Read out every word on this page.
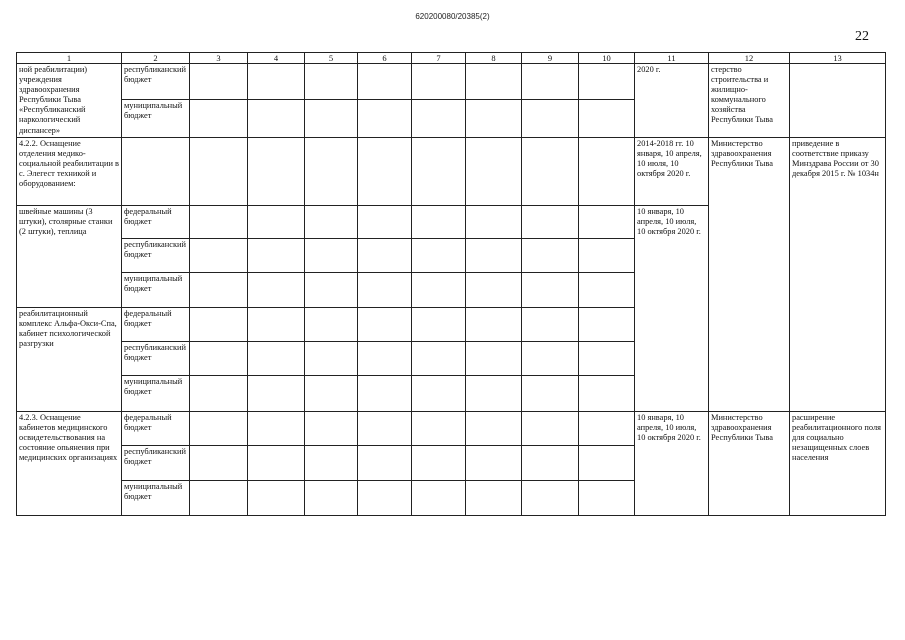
620200080/20385(2)
22
1	2	3	4	5	6	7	8	9	10	11	12	13
ной реабилитации) учреждения здравоохранения Республики Тыва «Республиканский наркологический диспансер»	республиканский бюджет									2020 г.	стерство строительства и жилищно-коммунального хозяйства Республики Тыва	
	муниципальный бюджет											
4.2.2. Оснащение отделения медико-социальной реабилитации в с. Элегест техникой и оборудованием:										2014-2018 гг. 10 января, 10 апреля, 10 июля, 10 октября 2020 г.	Министерство здравоохранения Республики Тыва	приведение в соответствие приказу Минздрава России от 30 декабря 2015 г. № 1034н
швейные машины (3 штуки), столярные станки (2 штуки), теплица	федеральный бюджет									10 января, 10 апреля, 10 июля, 10 октября 2020 г.		
	республиканский бюджет											
	муниципальный бюджет											
реабилитационный комплекс Альфа-Окси-Спа, кабинет психологической разгрузки	федеральный бюджет											
	республиканский бюджет											
	муниципальный бюджет											
4.2.3. Оснащение кабинетов медицинского освидетельствования на состояние опьянения при медицинских организациях	федеральный бюджет									10 января, 10 апреля, 10 июля, 10 октября 2020 г.	Министерство здравоохранения Республики Тыва	расширение реабилитационного поля для социально незащищенных слоев населения
	республиканский бюджет											
	муниципальный бюджет											
